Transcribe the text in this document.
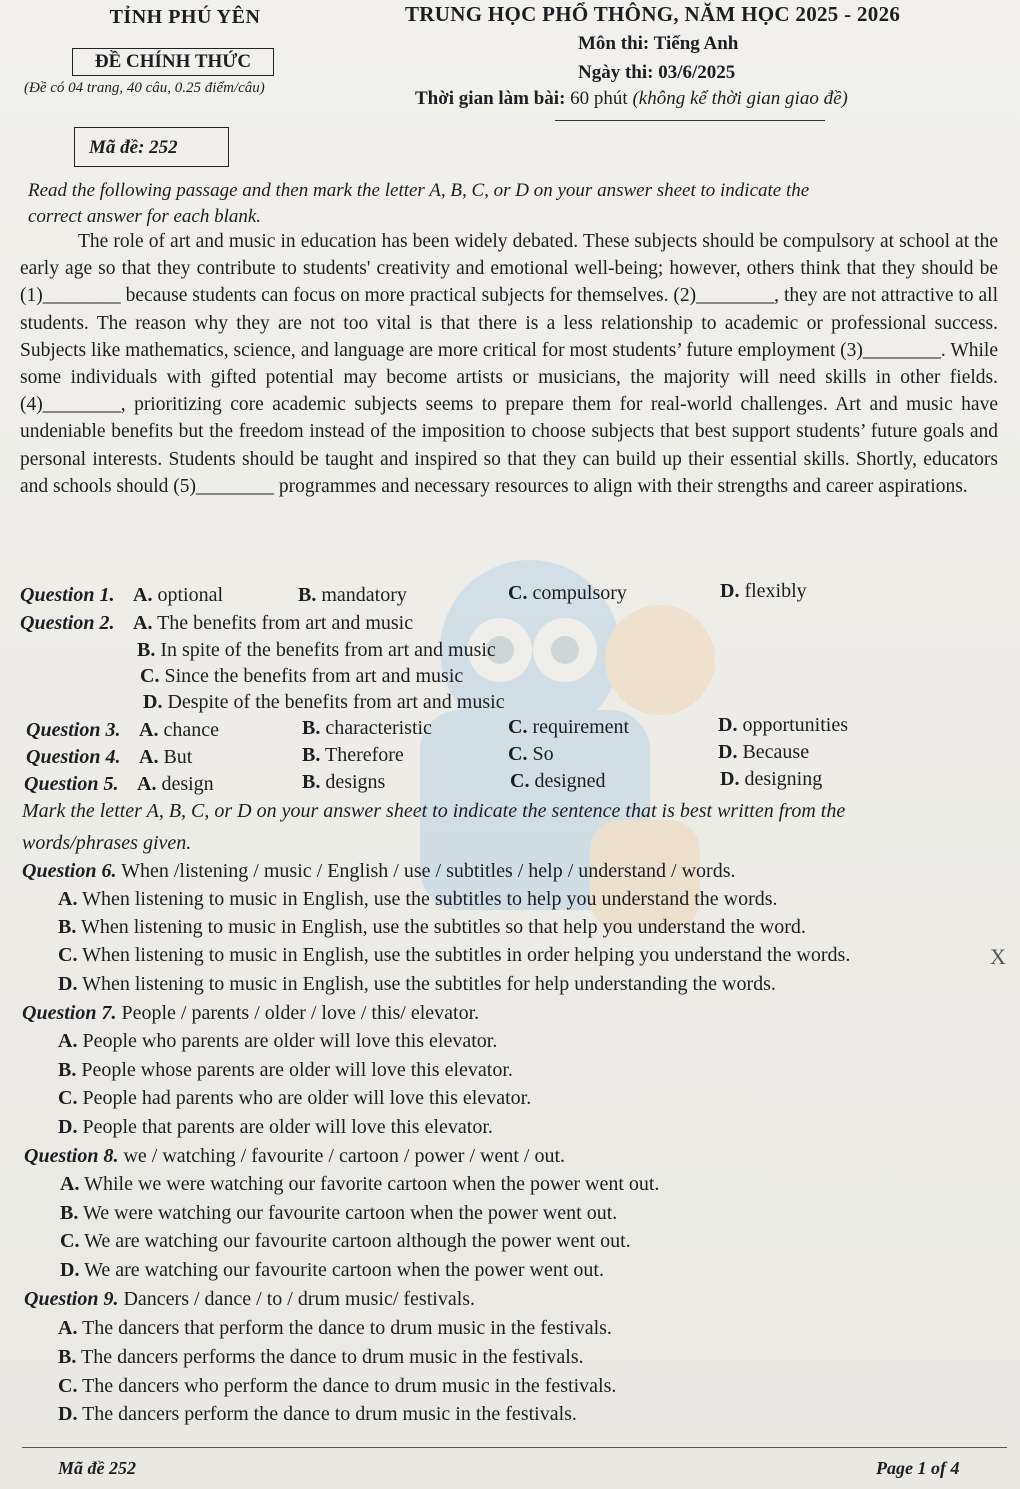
TỈNH PHÚ YÊN
ĐỀ CHÍNH THỨC
(Đề có 04 trang, 40 câu, 0.25 điểm/câu)
TRUNG HỌC PHỔ THÔNG, NĂM HỌC 2025 - 2026
Môn thi: Tiếng Anh
Ngày thi: 03/6/2025
Thời gian làm bài: 60 phút (không kể thời gian giao đề)
Mã đề: 252
Read the following passage and then mark the letter A, B, C, or D on your answer sheet to indicate the
correct answer for each blank.
The role of art and music in education has been widely debated. These subjects should be compulsory at school at the early age so that they contribute to students' creativity and emotional well-being; however, others think that they should be (1)________ because students can focus on more practical subjects for themselves. (2)________, they are not attractive to all students. The reason why they are not too vital is that there is a less relationship to academic or professional success. Subjects like mathematics, science, and language are more critical for most students’ future employment (3)________. While some individuals with gifted potential may become artists or musicians, the majority will need skills in other fields. (4)________, prioritizing core academic subjects seems to prepare them for real-world challenges. Art and music have undeniable benefits but the freedom instead of the imposition to choose subjects that best support students’ future goals and personal interests. Students should be taught and inspired so that they can build up their essential skills. Shortly, educators and schools should (5)________ programmes and necessary resources to align with their strengths and career aspirations.
Question 1. A. optional	B. mandatory	C. compulsory	D. flexibly
Question 2. A. The benefits from art and music
B. In spite of the benefits from art and music
C. Since the benefits from art and music
D. Despite of the benefits from art and music
Question 3. A. chance	B. characteristic	C. requirement	D. opportunities
Question 4. A. But	B. Therefore	C. So	D. Because
Question 5. A. design	B. designs	C. designed	D. designing
Mark the letter A, B, C, or D on your answer sheet to indicate the sentence that is best written from the
words/phrases given.
Question 6. When /listening / music / English / use / subtitles / help / understand / words.
A. When listening to music in English, use the subtitles to help you understand the words.
B. When listening to music in English, use the subtitles so that help you understand the word.
C. When listening to music in English, use the subtitles in order helping you understand the words.
D. When listening to music in English, use the subtitles for help understanding the words.
X
Question 7. People / parents / older / love / this/ elevator.
A. People who parents are older will love this elevator.
B. People whose parents are older will love this elevator.
C. People had parents who are older will love this elevator.
D. People that parents are older will love this elevator.
Question 8. we / watching / favourite / cartoon / power / went / out.
A. While we were watching our favorite cartoon when the power went out.
B. We were watching our favourite cartoon when the power went out.
C. We are watching our favourite cartoon although the power went out.
D. We are watching our favourite cartoon when the power went out.
Question 9. Dancers / dance / to / drum music/ festivals.
A. The dancers that perform the dance to drum music in the festivals.
B. The dancers performs the dance to drum music in the festivals.
C. The dancers who perform the dance to drum music in the festivals.
D. The dancers perform the dance to drum music in the festivals.
Mã đề 252	Page 1 of 4
